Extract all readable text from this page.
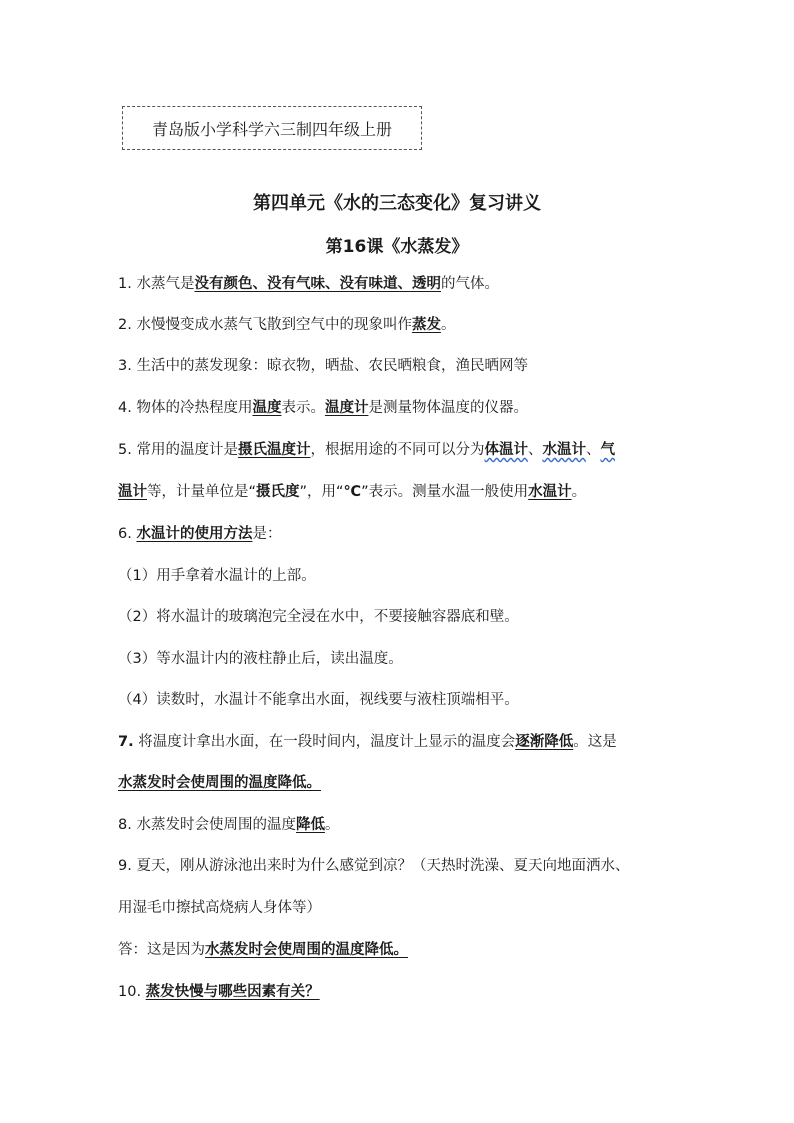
青岛版小学科学六三制四年级上册
第四单元《水的三态变化》复习讲义
第16课《水蒸发》
1. 水蒸气是没有颜色、没有气味、没有味道、透明的气体。
2. 水慢慢变成水蒸气飞散到空气中的现象叫作蒸发。
3. 生活中的蒸发现象：晾衣物，晒盐、农民晒粮食，渔民晒网等
4. 物体的冷热程度用温度表示。温度计是测量物体温度的仪器。
5. 常用的温度计是摄氏温度计，根据用途的不同可以分为体温计、水温计、气
温计等，计量单位是“摄氏度”，用“℃”表示。测量水温一般使用水温计。
6. 水温计的使用方法是：
（1）用手拿着水温计的上部。
（2）将水温计的玻璃泡完全浸在水中，不要接触容器底和壁。
（3）等水温计内的液柱静止后，读出温度。
（4）读数时，水温计不能拿出水面，视线要与液柱顶端相平。
7. 将温度计拿出水面，在一段时间内，温度计上显示的温度会逐渐降低。这是
水蒸发时会使周围的温度降低。
8. 水蒸发时会使周围的温度降低。
9. 夏天，刚从游泳池出来时为什么感觉到凉？（天热时洗澡、夏天向地面洒水、
用湿毛巾擦拭高烧病人身体等）
答：这是因为水蒸发时会使周围的温度降低。
10. 蒸发快慢与哪些因素有关？
